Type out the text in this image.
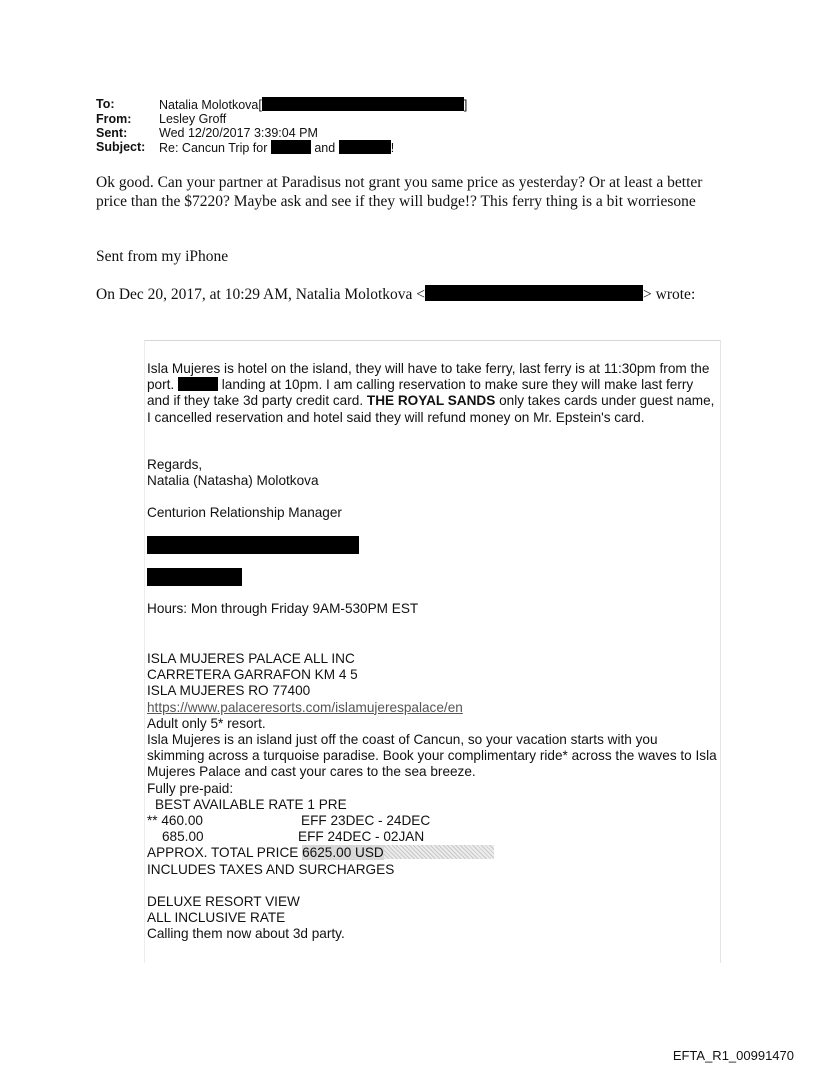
To:	Natalia Molotkova[	]
From:	Lesley Groff
Sent:	Wed 12/20/2017 3:39:04 PM
Subject:	Re: Cancun Trip for	and	!
Ok good. Can your partner at Paradisus not grant you same price as yesterday? Or at least a better price than the $7220? Maybe ask and see if they will budge!? This ferry thing is a bit worriesone
Sent from my iPhone
On Dec 20, 2017, at 10:29 AM, Natalia Molotkova <	> wrote:
Isla Mujeres is hotel on the island, they will have to take ferry, last ferry is at 11:30pm from the port.	landing at 10pm. I am calling reservation to make sure they will make last ferry and if they take 3d party credit card. THE ROYAL SANDS only takes cards under guest name, I cancelled reservation and hotel said they will refund money on Mr. Epstein's card.

Regards,

Natalia (Natasha) Molotkova

Centurion Relationship Manager
Hours: Mon through Friday 9AM-530PM EST

ISLA MUJERES PALACE ALL INC

CARRETERA GARRAFON KM 4 5

ISLA MUJERES RO 77400

https://www.palaceresorts.com/islamujerespalace/en

Adult only 5* resort.

Isla Mujeres is an island just off the coast of Cancun, so your vacation starts with you skimming across a turquoise paradise. Book your complimentary ride* across the waves to Isla Mujeres Palace and cast your cares to the sea breeze.

Fully pre-paid:

BEST AVAILABLE RATE 1 PRE

** 460.00	EFF 23DEC - 24DEC

685.00	EFF 24DEC - 02JAN

APPROX. TOTAL PRICE 6625.00 USD

INCLUDES TAXES AND SURCHARGES

DELUXE RESORT VIEW

ALL INCLUSIVE RATE

Calling them now about 3d party.

EFTA_R1_00991470
